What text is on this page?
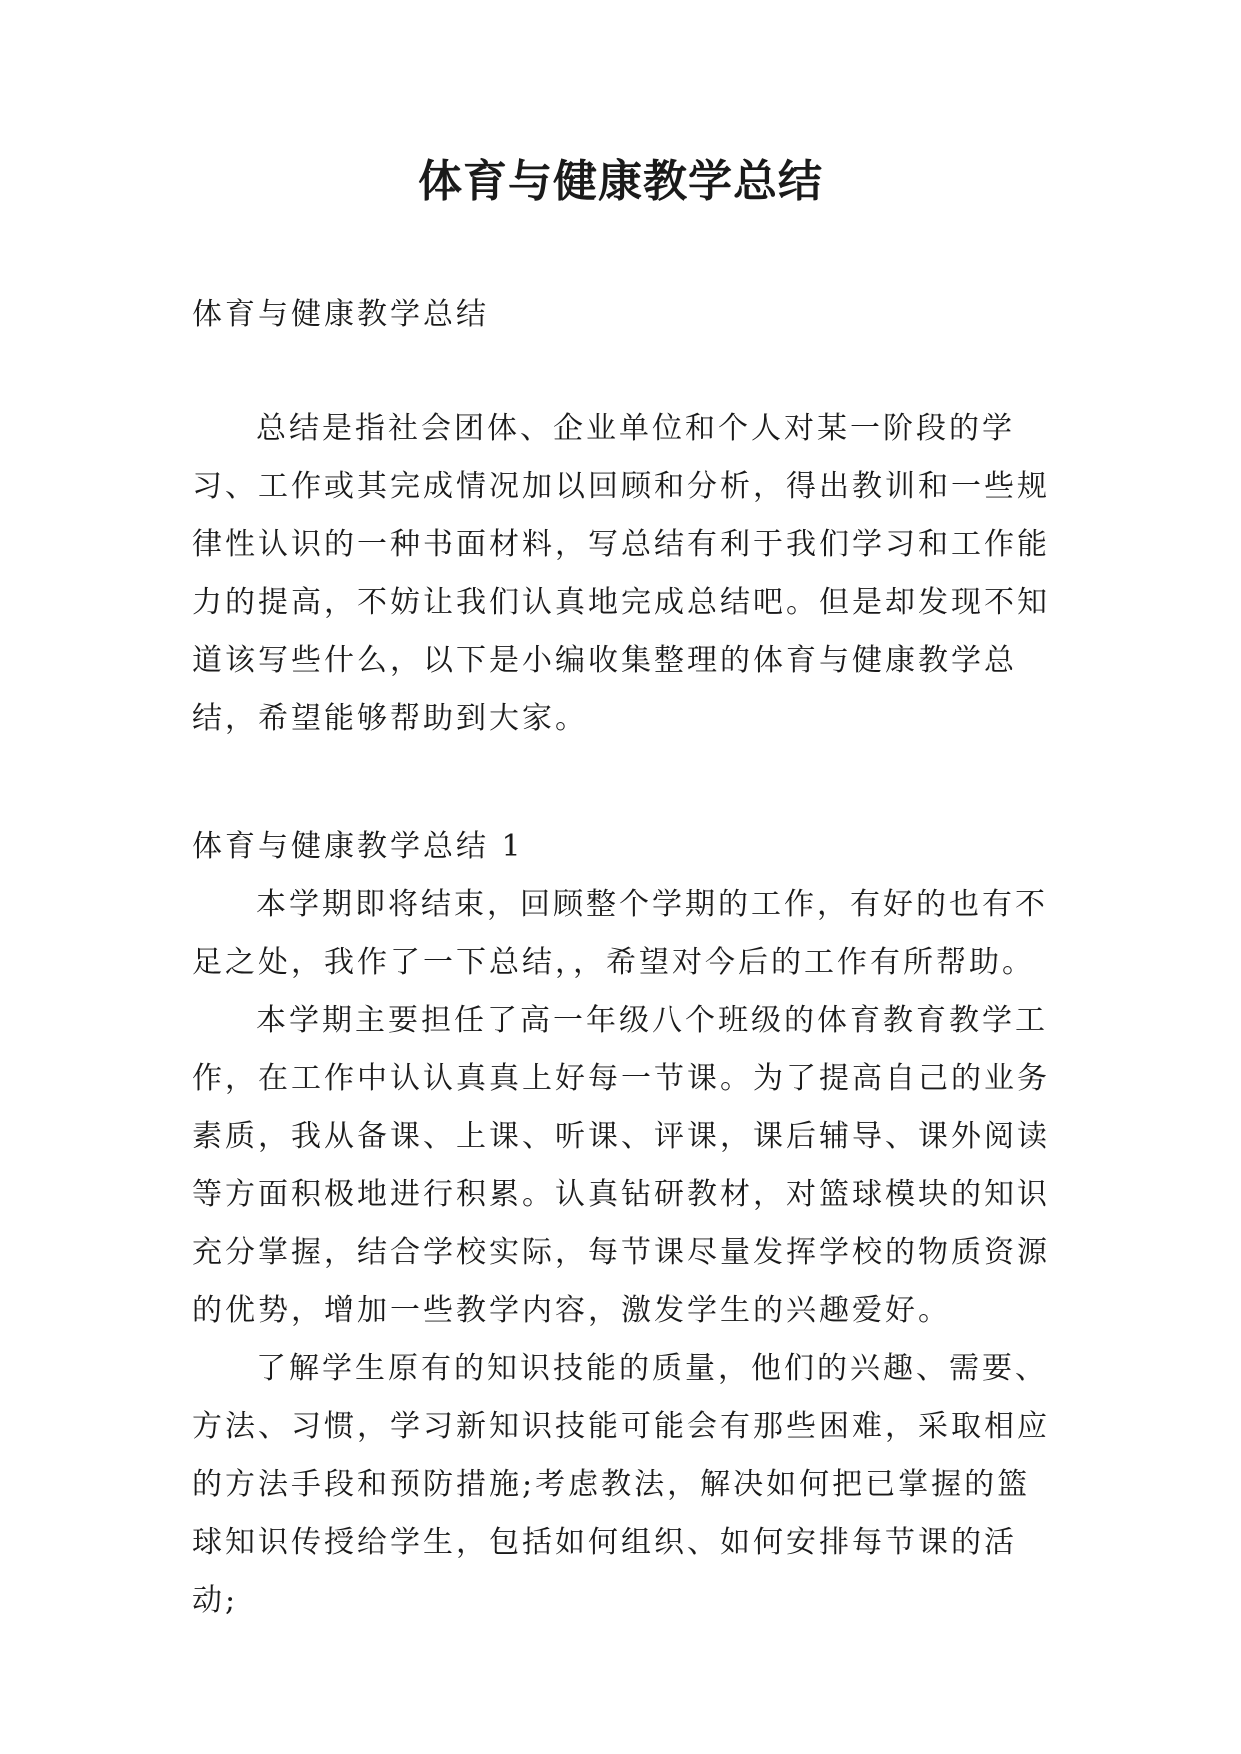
体育与健康教学总结

体育与健康教学总结

总结是指社会团体、企业单位和个人对某一阶段的学习、工作或其完成情况加以回顾和分析，得出教训和一些规律性认识的一种书面材料，写总结有利于我们学习和工作能力的提高，不妨让我们认真地完成总结吧。但是却发现不知道该写些什么，以下是小编收集整理的体育与健康教学总结，希望能够帮助到大家。

体育与健康教学总结 1

本学期即将结束，回顾整个学期的工作，有好的也有不足之处，我作了一下总结，，希望对今后的工作有所帮助。

本学期主要担任了高一年级八个班级的体育教育教学工作，在工作中认认真真上好每一节课。为了提高自己的业务素质，我从备课、上课、听课、评课，课后辅导、课外阅读等方面积极地进行积累。认真钻研教材，对篮球模块的知识充分掌握，结合学校实际，每节课尽量发挥学校的物质资源的优势，增加一些教学内容，激发学生的兴趣爱好。

了解学生原有的知识技能的质量，他们的兴趣、需要、方法、习惯，学习新知识技能可能会有那些困难，采取相应的方法手段和预防措施;考虑教法，解决如何把已掌握的篮球知识传授给学生，包括如何组织、如何安排每节课的活动;
